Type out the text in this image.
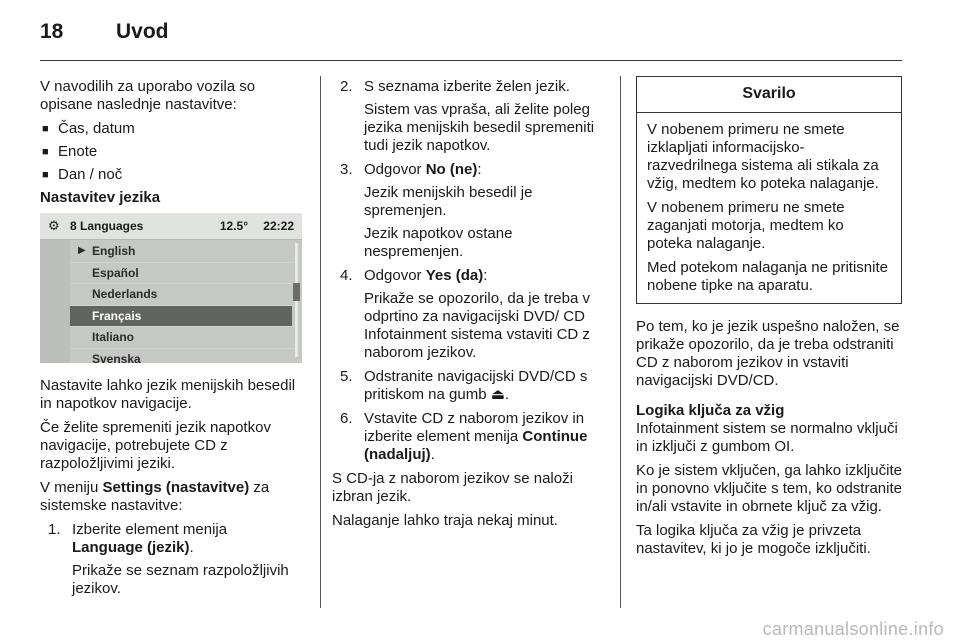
18	Uvod

V navodilih za uporabo vozila so opisane naslednje nastavitve:

■ Čas, datum
■ Enote
■ Dan / noč

Nastavitev jezika

⚙ 8 Languages	12.5° 22:22
▶ English
Español
Nederlands
Français
Italiano
Svenska

Nastavite lahko jezik menijskih besedil in napotkov navigacije.

Če želite spremeniti jezik napotkov navigacije, potrebujete CD z razpoložljivimi jeziki.

V meniju Settings (nastavitve) za sistemske nastavitve:

1. Izberite element menija
Language (jezik).

Prikaže se seznam razpoložljivih jezikov.

2. S seznama izberite želen jezik.

Sistem vas vpraša, ali želite poleg jezika menijskih besedil spremeniti tudi jezik napotkov.

3. Odgovor No (ne):

Jezik menijskih besedil je spremenjen.

Jezik napotkov ostane nespremenjen.

4. Odgovor Yes (da):

Prikaže se opozorilo, da je treba v odprtino za navigacijski DVD/ CD Infotainment sistema vstaviti CD z naborom jezikov.

5. Odstranite navigacijski DVD/CD s pritiskom na gumb ⏏.

6. Vstavite CD z naborom jezikov in izberite element menija Continue (nadaljuj).

S CD-ja z naborom jezikov se naloži izbran jezik.

Nalaganje lahko traja nekaj minut.

Svarilo

V nobenem primeru ne smete izklapljati informacijsko-razvedrilnega sistema ali stikala za vžig, medtem ko poteka nalaganje.

V nobenem primeru ne smete zaganjati motorja, medtem ko poteka nalaganje.

Med potekom nalaganja ne pritisnite nobene tipke na aparatu.

Po tem, ko je jezik uspešno naložen, se prikaže opozorilo, da je treba odstraniti CD z naborom jezikov in vstaviti navigacijski DVD/CD.

Logika ključa za vžig

Infotainment sistem se normalno vključi in izključi z gumbom OI.

Ko je sistem vključen, ga lahko izključite in ponovno vključite s tem, ko odstranite in/ali vstavite in obrnete ključ za vžig.

Ta logika ključa za vžig je privzeta nastavitev, ki jo je mogoče izključiti.

carmanualsonline.info
